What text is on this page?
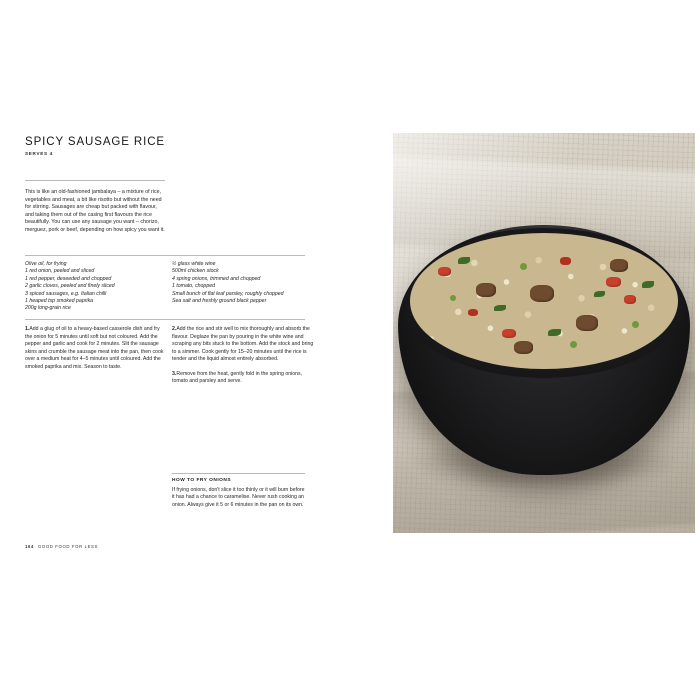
SPICY SAUSAGE RICE
SERVES 4
This is like an old-fashioned jambalaya – a mixture of rice, vegetables and meat, a bit like risotto but without the need for stirring. Sausages are cheap but packed with flavour, and taking them out of the casing first flavours the rice beautifully. You can use any sausage you want – chorizo, merguez, pork or beef, depending on how spicy you want it.
Olive oil, for frying
1 red onion, peeled and sliced
1 red pepper, deseeded and chopped
2 garlic cloves, peeled and finely sliced
3 spiced sausages, e.g. Italian chilli
1 heaped tsp smoked paprika
200g long-grain rice
½ glass white wine
500ml chicken stock
4 spring onions, trimmed and chopped
1 tomato, chopped
Small bunch of flat leaf parsley, roughly chopped
Sea salt and freshly ground black pepper

1.Add a glug of oil to a heavy-based casserole dish and fry the onion for 5 minutes until soft but not coloured. Add the pepper and garlic and cook for 2 minutes. Slit the sausage skins and crumble the sausage meat into the pan, then cook over a medium heat for 4–5 minutes until coloured. Add the smoked paprika and mix. Season to taste.

2.Add the rice and stir well to mix thoroughly and absorb the flavour. Deglaze the pan by pouring in the white wine and scraping any bits stuck to the bottom. Add the stock and bring to a simmer. Cook gently for 15–20 minutes until the rice is tender and the liquid almost entirely absorbed.

3.Remove from the heat, gently fold in the spring onions, tomato and parsley and serve.

HOW TO FRY ONIONS
If frying onions, don't slice it too thinly or it will burn before it has had a chance to caramelise. Never rush cooking an onion. Always give it 5 or 6 minutes in the pan on its own.
164 GOOD FOOD FOR LESS
